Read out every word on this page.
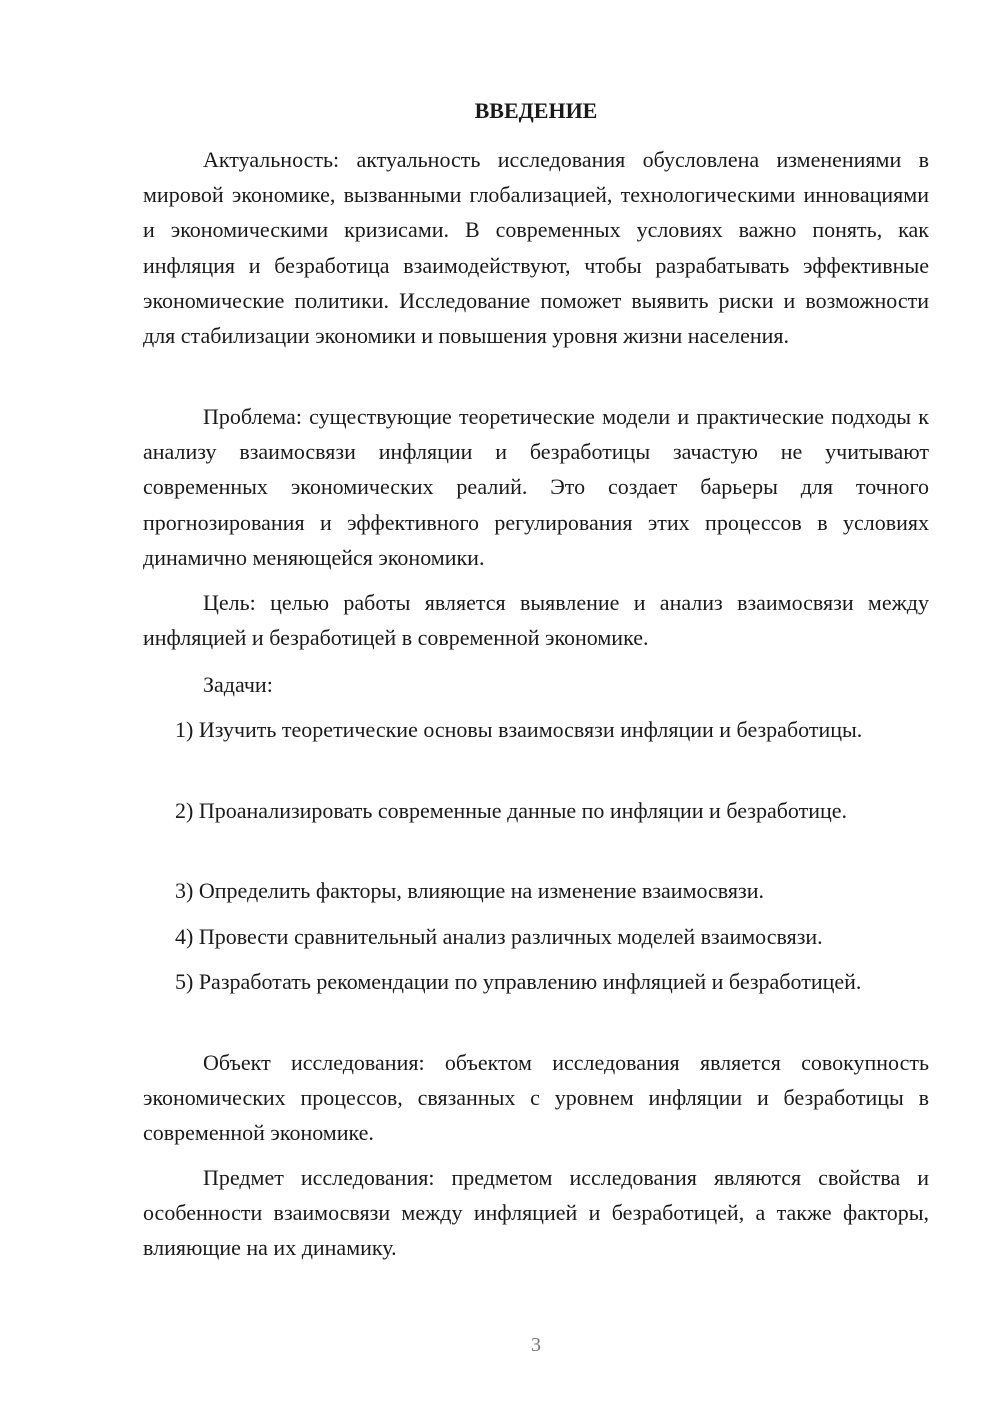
ВВЕДЕНИЕ

Актуальность: актуальность исследования обусловлена изменениями в мировой экономике, вызванными глобализацией, технологическими инновациями и экономическими кризисами. В современных условиях важно понять, как инфляция и безработица взаимодействуют, чтобы разрабатывать эффективные экономические политики. Исследование поможет выявить риски и возможности для стабилизации экономики и повышения уровня жизни населения.

Проблема: существующие теоретические модели и практические подходы к анализу взаимосвязи инфляции и безработицы зачастую не учитывают современных экономических реалий. Это создает барьеры для точного прогнозирования и эффективного регулирования этих процессов в условиях динамично меняющейся экономики.

Цель: целью работы является выявление и анализ взаимосвязи между инфляцией и безработицей в современной экономике.

Задачи:

1) Изучить теоретические основы взаимосвязи инфляции и безработицы.

2) Проанализировать современные данные по инфляции и безработице.

3) Определить факторы, влияющие на изменение взаимосвязи.

4) Провести сравнительный анализ различных моделей взаимосвязи.

5) Разработать рекомендации по управлению инфляцией и безработицей.

Объект исследования: объектом исследования является совокупность экономических процессов, связанных с уровнем инфляции и безработицы в современной экономике.

Предмет исследования: предметом исследования являются свойства и особенности взаимосвязи между инфляцией и безработицей, а также факторы, влияющие на их динамику.

3
